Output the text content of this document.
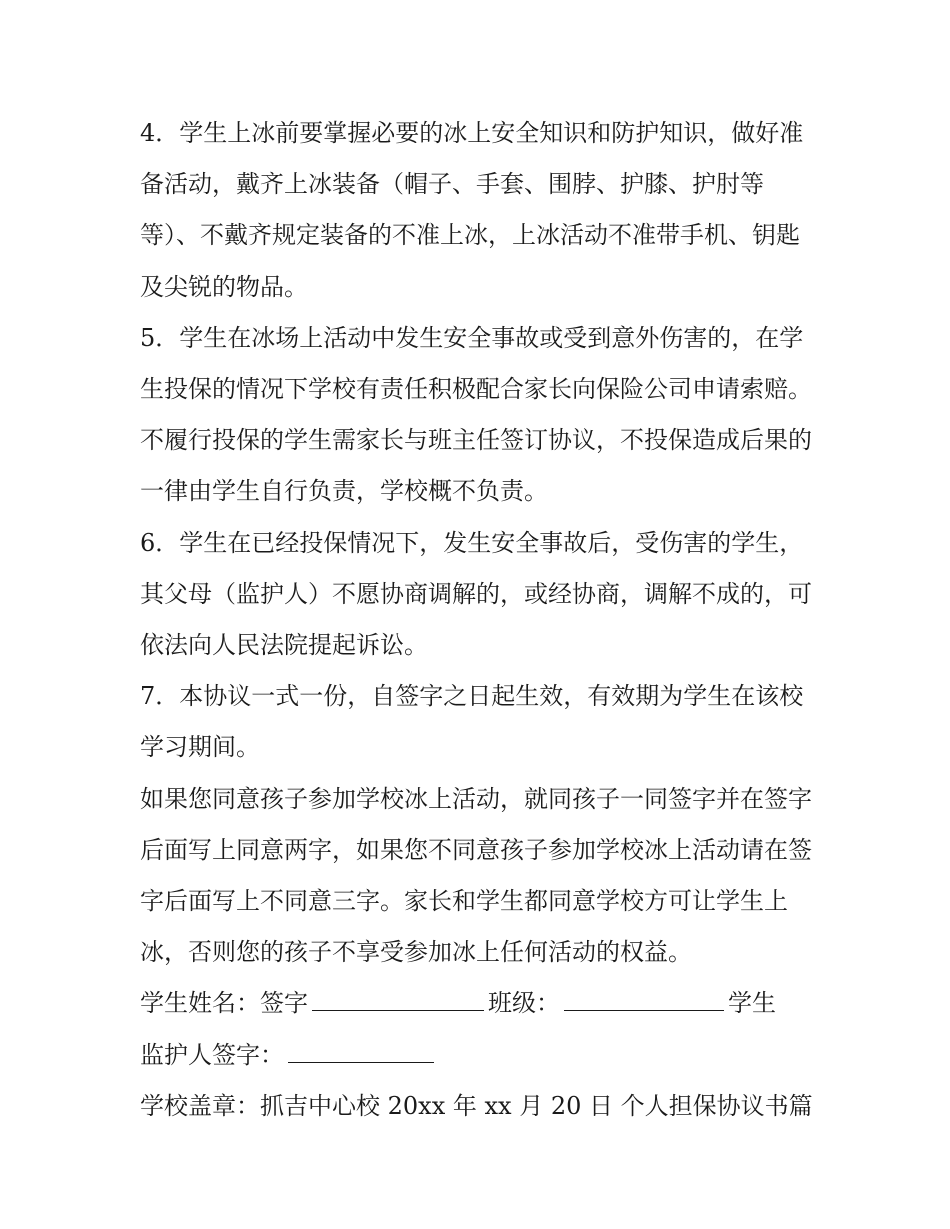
4．学生上冰前要掌握必要的冰上安全知识和防护知识，做好准备活动，戴齐上冰装备（帽子、手套、围脖、护膝、护肘等等）、不戴齐规定装备的不准上冰，上冰活动不准带手机、钥匙及尖锐的物品。

5．学生在冰场上活动中发生安全事故或受到意外伤害的，在学生投保的情况下学校有责任积极配合家长向保险公司申请索赔。不履行投保的学生需家长与班主任签订协议，不投保造成后果的一律由学生自行负责，学校概不负责。

6．学生在已经投保情况下，发生安全事故后，受伤害的学生，其父母（监护人）不愿协商调解的，或经协商，调解不成的，可依法向人民法院提起诉讼。

7．本协议一式一份，自签字之日起生效，有效期为学生在该校学习期间。

如果您同意孩子参加学校冰上活动，就同孩子一同签字并在签字后面写上同意两字，如果您不同意孩子参加学校冰上活动请在签字后面写上不同意三字。家长和学生都同意学校方可让学生上冰，否则您的孩子不享受参加冰上任何活动的权益。

学生姓名：签字	班级：	学生
监护人签字：

学校盖章：抓吉中心校 20xx 年 xx 月 20 日 个人担保协议书篇
